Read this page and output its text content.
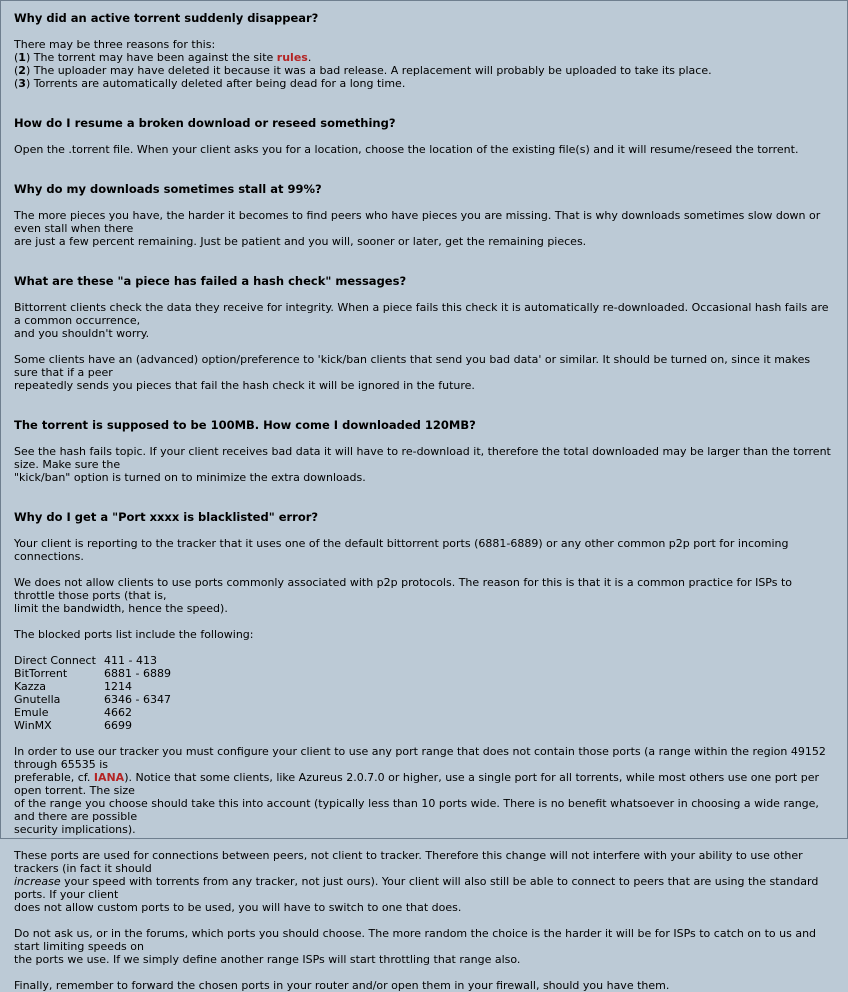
Why did an active torrent suddenly disappear?

There may be three reasons for this:

(1) The torrent may have been against the site rules.

(2) The uploader may have deleted it because it was a bad release. A replacement will probably be uploaded to take its place.

(3) Torrents are automatically deleted after being dead for a long time.

How do I resume a broken download or reseed something?

Open the .torrent file. When your client asks you for a location, choose the location of the existing file(s) and it will resume/reseed the torrent.

Why do my downloads sometimes stall at 99%?

The more pieces you have, the harder it becomes to find peers who have pieces you are missing. That is why downloads sometimes slow down or even stall when there
are just a few percent remaining. Just be patient and you will, sooner or later, get the remaining pieces.

What are these "a piece has failed a hash check" messages?

Bittorrent clients check the data they receive for integrity. When a piece fails this check it is automatically re-downloaded. Occasional hash fails are a common occurrence,
and you shouldn't worry.

Some clients have an (advanced) option/preference to 'kick/ban clients that send you bad data' or similar. It should be turned on, since it makes sure that if a peer
repeatedly sends you pieces that fail the hash check it will be ignored in the future.

The torrent is supposed to be 100MB. How come I downloaded 120MB?

See the hash fails topic. If your client receives bad data it will have to re-download it, therefore the total downloaded may be larger than the torrent size. Make sure the
"kick/ban" option is turned on to minimize the extra downloads.

Why do I get a "Port xxxx is blacklisted" error?

Your client is reporting to the tracker that it uses one of the default bittorrent ports (6881-6889) or any other common p2p port for incoming connections.

We does not allow clients to use ports commonly associated with p2p protocols. The reason for this is that it is a common practice for ISPs to throttle those ports (that is,
limit the bandwidth, hence the speed).

The blocked ports list include the following:

Direct Connect	411 - 413
BitTorrent	6881 - 6889
Kazza	1214
Gnutella	6346 - 6347
Emule	4662
WinMX	6699

In order to use our tracker you must configure your client to use any port range that does not contain those ports (a range within the region 49152 through 65535 is
preferable, cf. IANA). Notice that some clients, like Azureus 2.0.7.0 or higher, use a single port for all torrents, while most others use one port per open torrent. The size
of the range you choose should take this into account (typically less than 10 ports wide. There is no benefit whatsoever in choosing a wide range, and there are possible
security implications).

These ports are used for connections between peers, not client to tracker. Therefore this change will not interfere with your ability to use other trackers (in fact it should
increase your speed with torrents from any tracker, not just ours). Your client will also still be able to connect to peers that are using the standard ports. If your client
does not allow custom ports to be used, you will have to switch to one that does.

Do not ask us, or in the forums, which ports you should choose. The more random the choice is the harder it will be for ISPs to catch on to us and start limiting speeds on
the ports we use. If we simply define another range ISPs will start throttling that range also.

Finally, remember to forward the chosen ports in your router and/or open them in your firewall, should you have them.
